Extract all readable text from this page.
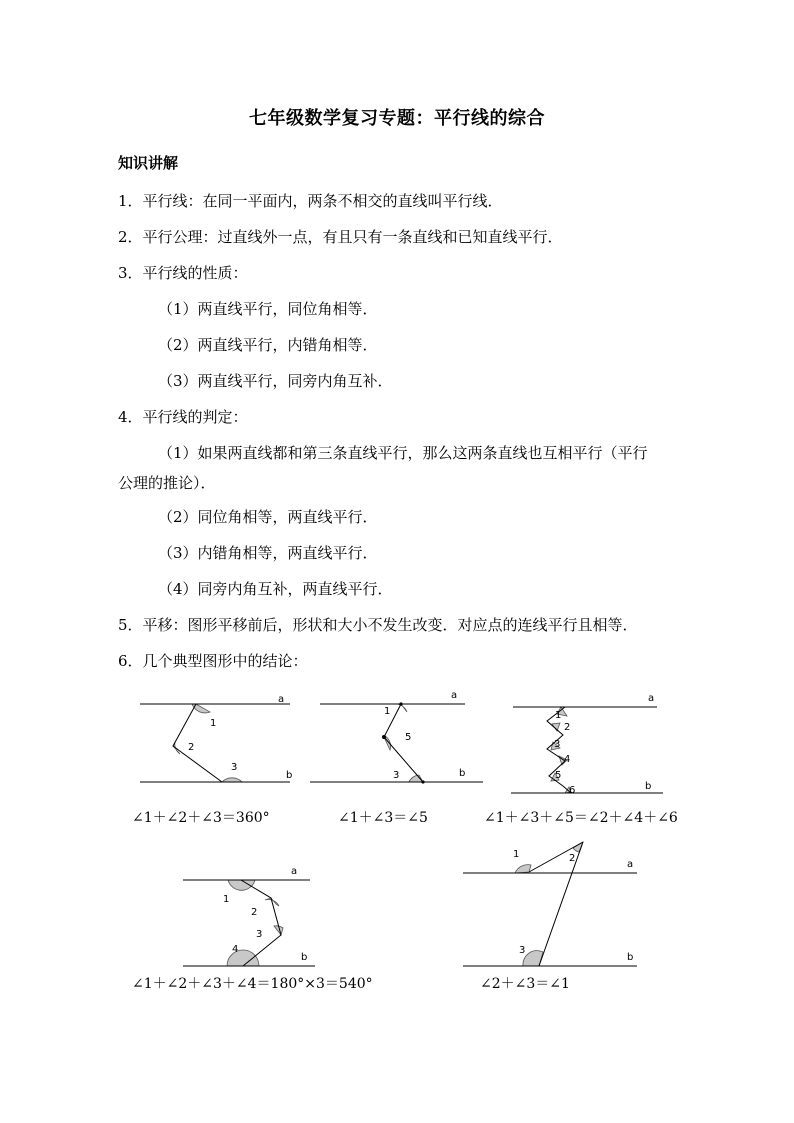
七年级数学复习专题：平行线的综合
知识讲解
1．平行线：在同一平面内，两条不相交的直线叫平行线．
2．平行公理：过直线外一点，有且只有一条直线和已知直线平行．
3．平行线的性质：
（1）两直线平行，同位角相等．
（2）两直线平行，内错角相等．
（3）两直线平行，同旁内角互补．
4．平行线的判定：
（1）如果两直线都和第三条直线平行，那么这两条直线也互相平行（平行
公理的推论）．
（2）同位角相等，两直线平行．
（3）内错角相等，两直线平行．
（4）同旁内角互补，两直线平行．
5．平移：图形平移前后，形状和大小不发生改变．对应点的连线平行且相等．
6．几个典型图形中的结论：
a
b
1
2
3
∠1＋∠2＋∠3＝360°
a
b
1
5
3
∠1＋∠3＝∠5
a
b
1
2
3
4
5
6
∠1＋∠3＋∠5＝∠2＋∠4＋∠6
a
b
1
2
3
4
∠1＋∠2＋∠3＋∠4＝180°×3＝540°
a
b
1	2
3
∠2＋∠3＝∠1
